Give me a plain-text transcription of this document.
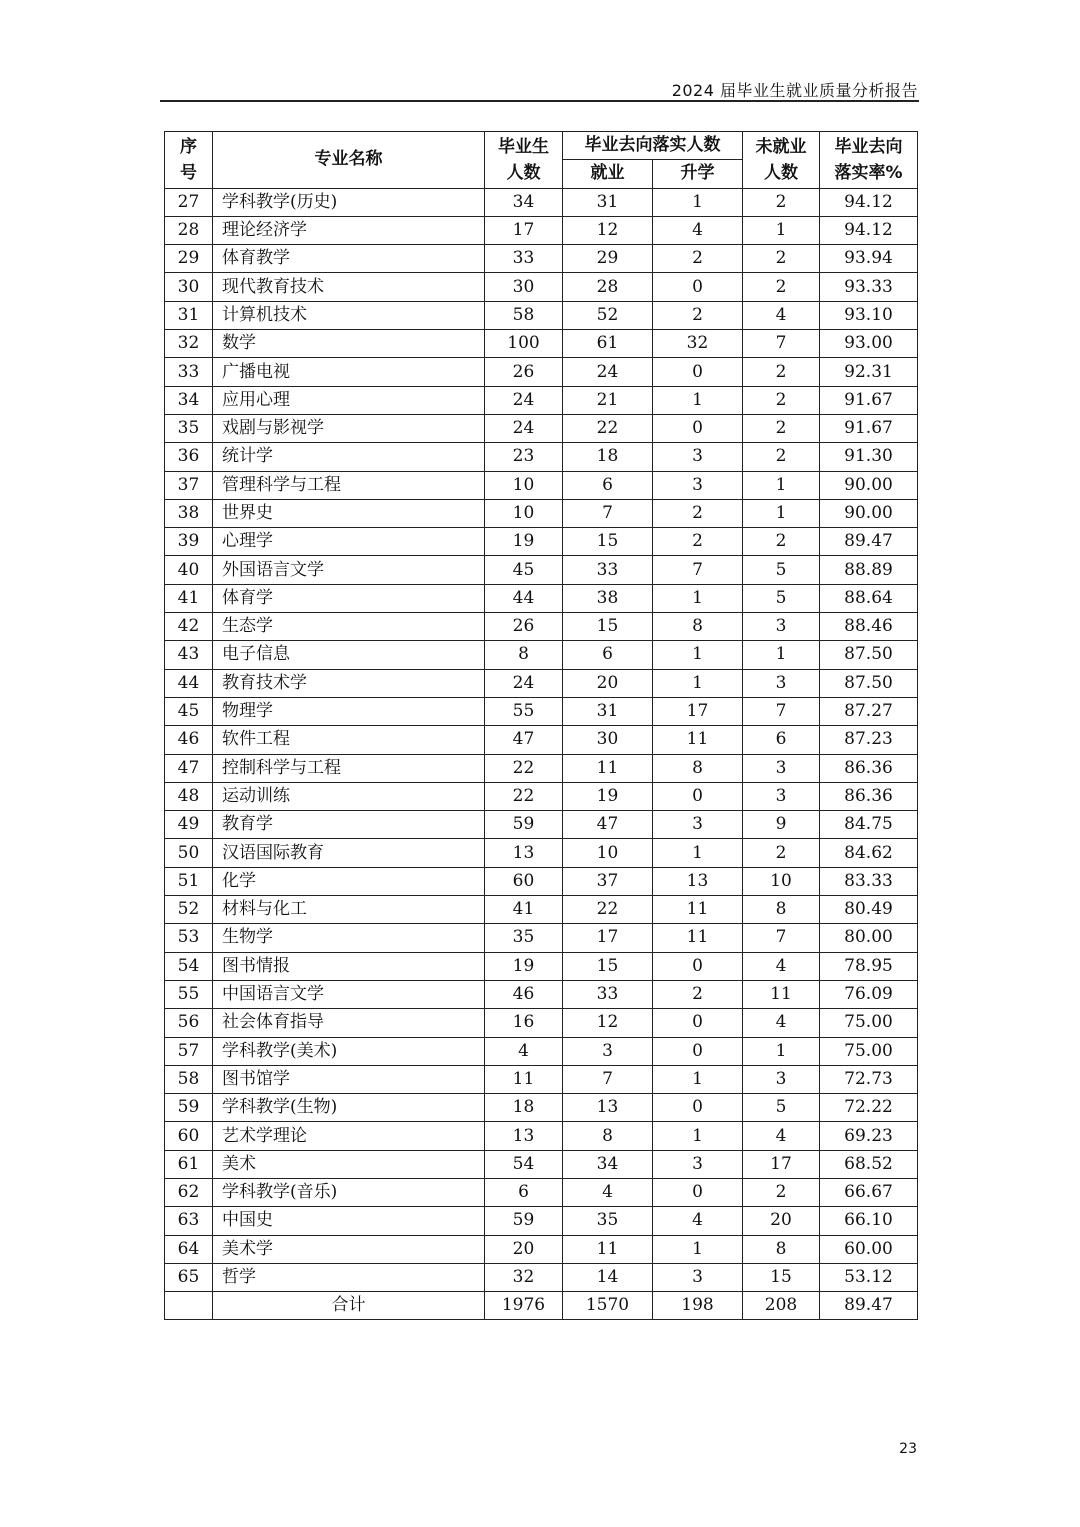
2024 届毕业生就业质量分析报告
序号	专业名称	毕业生人数	毕业去向落实人数		未就业人数	毕业去向落实率%
			就业	升学		
27	学科教学(历史)	34	31	1	2	94.12
28	理论经济学	17	12	4	1	94.12
29	体育教学	33	29	2	2	93.94
30	现代教育技术	30	28	0	2	93.33
31	计算机技术	58	52	2	4	93.10
32	数学	100	61	32	7	93.00
33	广播电视	26	24	0	2	92.31
34	应用心理	24	21	1	2	91.67
35	戏剧与影视学	24	22	0	2	91.67
36	统计学	23	18	3	2	91.30
37	管理科学与工程	10	6	3	1	90.00
38	世界史	10	7	2	1	90.00
39	心理学	19	15	2	2	89.47
40	外国语言文学	45	33	7	5	88.89
41	体育学	44	38	1	5	88.64
42	生态学	26	15	8	3	88.46
43	电子信息	8	6	1	1	87.50
44	教育技术学	24	20	1	3	87.50
45	物理学	55	31	17	7	87.27
46	软件工程	47	30	11	6	87.23
47	控制科学与工程	22	11	8	3	86.36
48	运动训练	22	19	0	3	86.36
49	教育学	59	47	3	9	84.75
50	汉语国际教育	13	10	1	2	84.62
51	化学	60	37	13	10	83.33
52	材料与化工	41	22	11	8	80.49
53	生物学	35	17	11	7	80.00
54	图书情报	19	15	0	4	78.95
55	中国语言文学	46	33	2	11	76.09
56	社会体育指导	16	12	0	4	75.00
57	学科教学(美术)	4	3	0	1	75.00
58	图书馆学	11	7	1	3	72.73
59	学科教学(生物)	18	13	0	5	72.22
60	艺术学理论	13	8	1	4	69.23
61	美术	54	34	3	17	68.52
62	学科教学(音乐)	6	4	0	2	66.67
63	中国史	59	35	4	20	66.10
64	美术学	20	11	1	8	60.00
65	哲学	32	14	3	15	53.12
	合计	1976	1570	198	208	89.47
23
